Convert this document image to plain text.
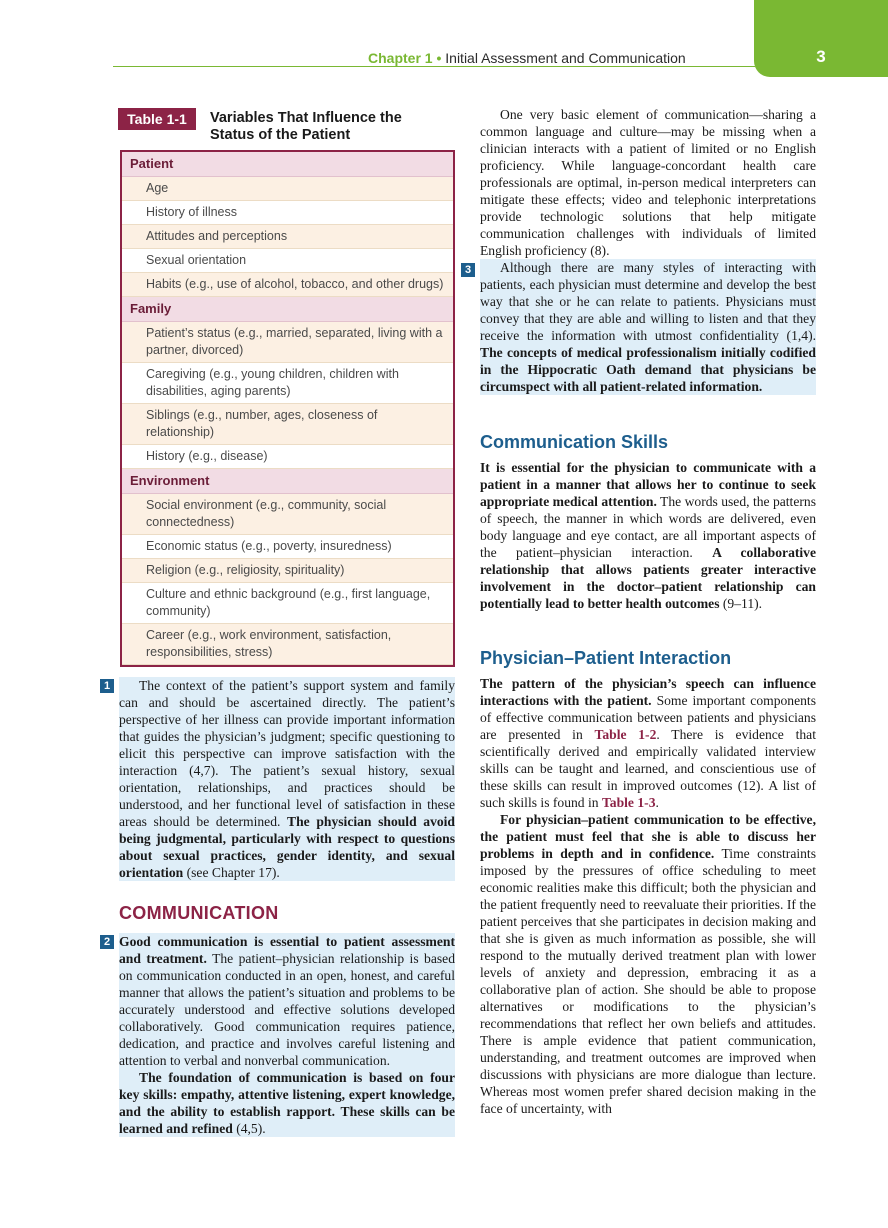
3
Chapter 1 • Initial Assessment and Communication
Table 1-1	Variables That Influence the Status of the Patient
Patient
Age
History of illness
Attitudes and perceptions
Sexual orientation
Habits (e.g., use of alcohol, tobacco, and other drugs)
Family
Patient’s status (e.g., married, separated, living with a partner, divorced)
Caregiving (e.g., young children, children with disabilities, aging parents)
Siblings (e.g., number, ages, closeness of relationship)
History (e.g., disease)
Environment
Social environment (e.g., community, social connectedness)
Economic status (e.g., poverty, insuredness)
Religion (e.g., religiosity, spirituality)
Culture and ethnic background (e.g., first language, community)
Career (e.g., work environment, satisfaction, responsibilities, stress)
1	The context of the patient’s support system and family can and should be ascertained directly. The patient’s perspective of her illness can provide important information that guides the physician’s judgment; specific questioning to elicit this perspective can improve satisfaction with the interaction (4,7). The patient’s sexual history, sexual orientation, relationships, and practices should be understood, and her functional level of satisfaction in these areas should be determined. The physician should avoid being judgmental, particularly with respect to questions about sexual practices, gender identity, and sexual orientation (see Chapter 17).

COMMUNICATION
2 Good communication is essential to patient assessment and treatment. The patient–physician relationship is based on communication conducted in an open, honest, and careful manner that allows the patient’s situation and problems to be accurately understood and effective solutions developed collaboratively. Good communication requires patience, dedication, and practice and involves careful listening and attention to verbal and nonverbal communication.

The foundation of communication is based on four key skills: empathy, attentive listening, expert knowledge, and the ability to establish rapport. These skills can be learned and refined (4,5).

One very basic element of communication—sharing a common language and culture—may be missing when a clinician interacts with a patient of limited or no English proficiency. While language-concordant health care professionals are optimal, in-person medical interpreters can mitigate these effects; video and telephonic interpretations provide technologic solutions that help mitigate communication challenges with individuals of limited English proficiency (8).

Although there are many styles of interacting with patients, each physician must determine and develop the best way that she or he can relate to patients. Physicians must convey that they are able and willing to listen and that they receive the information with utmost confidentiality (1,4). The concepts of medical professionalism initially codified in the Hippocratic Oath demand that physicians be circumspect with all patient-related information.

3
Communication Skills

It is essential for the physician to communicate with a patient in a manner that allows her to continue to seek appropriate medical attention. The words used, the patterns of speech, the manner in which words are delivered, even body language and eye contact, are all important aspects of the patient–physician interaction. A collaborative relationship that allows patients greater interactive involvement in the doctor–patient relationship can potentially lead to better health outcomes (9–11).

Physician–Patient Interaction

The pattern of the physician’s speech can influence interactions with the patient. Some important components of effective communication between patients and physicians are presented in Table 1-2. There is evidence that scientifically derived and empirically validated interview skills can be taught and learned, and conscientious use of these skills can result in improved outcomes (12). A list of such skills is found in Table 1-3.

For physician–patient communication to be effective, the patient must feel that she is able to discuss her problems in depth and in confidence. Time constraints imposed by the pressures of office scheduling to meet economic realities make this difficult; both the physician and the patient frequently need to reevaluate their priorities. If the patient perceives that she participates in decision making and that she is given as much information as possible, she will respond to the mutually derived treatment plan with lower levels of anxiety and depression, embracing it as a collaborative plan of action. She should be able to propose alternatives or modifications to the physician’s recommendations that reflect her own beliefs and attitudes. There is ample evidence that patient communication, understanding, and treatment outcomes are improved when discussions with physicians are more dialogue than lecture. Whereas most women prefer shared decision making in the face of uncertainty, with
